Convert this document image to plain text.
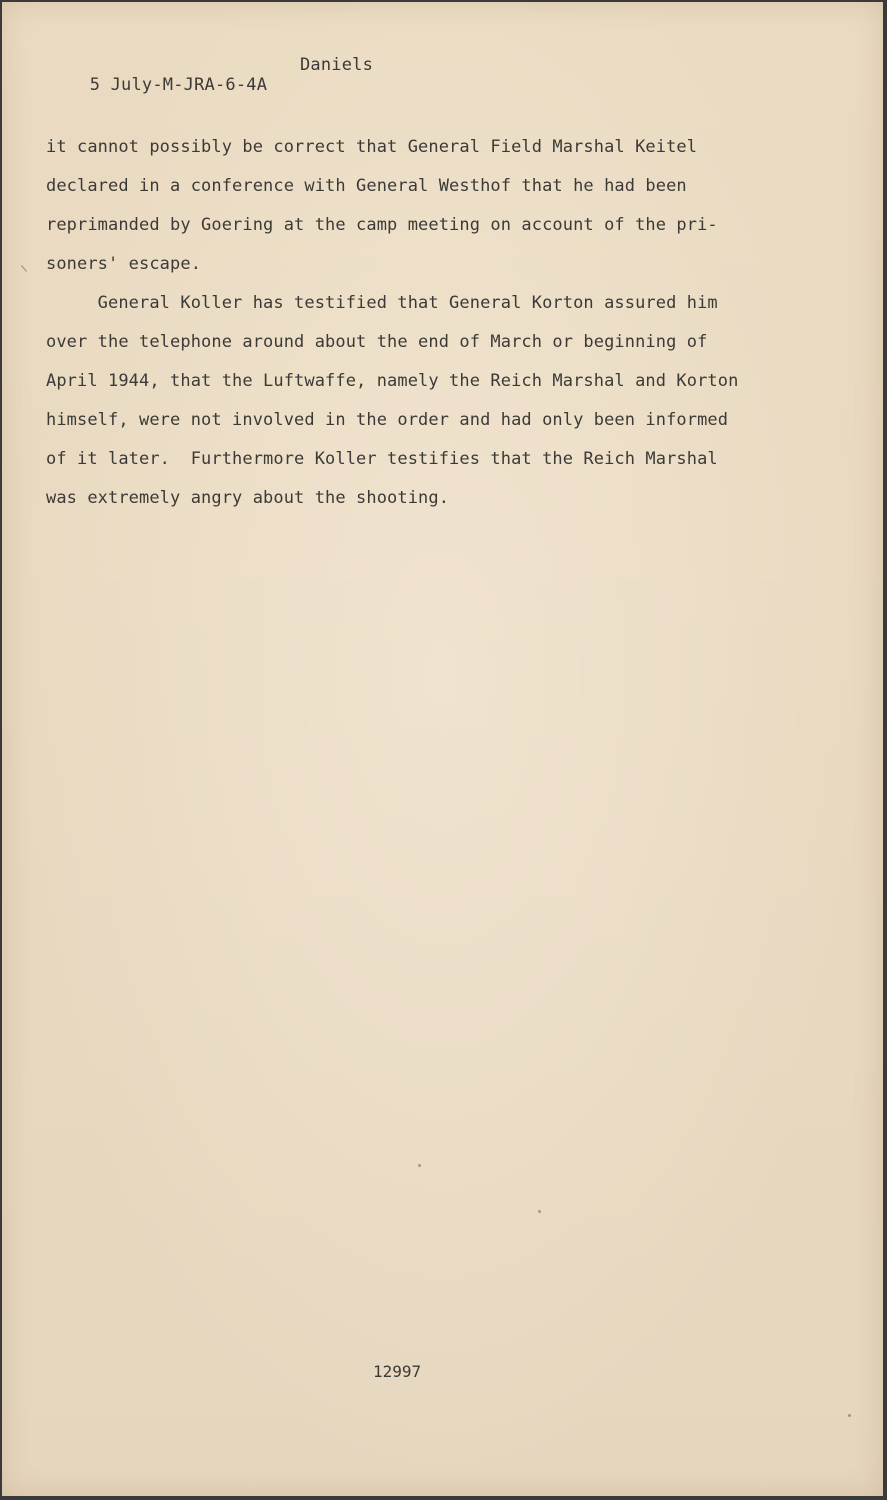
5 July-M-JRA-6-4A

Daniels

it cannot possibly be correct that General Field Marshal Keitel
declared in a conference with General Westhof that he had been
reprimanded by Goering at the camp meeting on account of the pri-
soners' escape.
General Koller has testified that General Korton assured him
over the telephone around about the end of March or beginning of
April 1944, that the Luftwaffe, namely the Reich Marshal and Korton
himself, were not involved in the order and had only been informed
of it later.  Furthermore Koller testifies that the Reich Marshal
was extremely angry about the shooting.
12997
